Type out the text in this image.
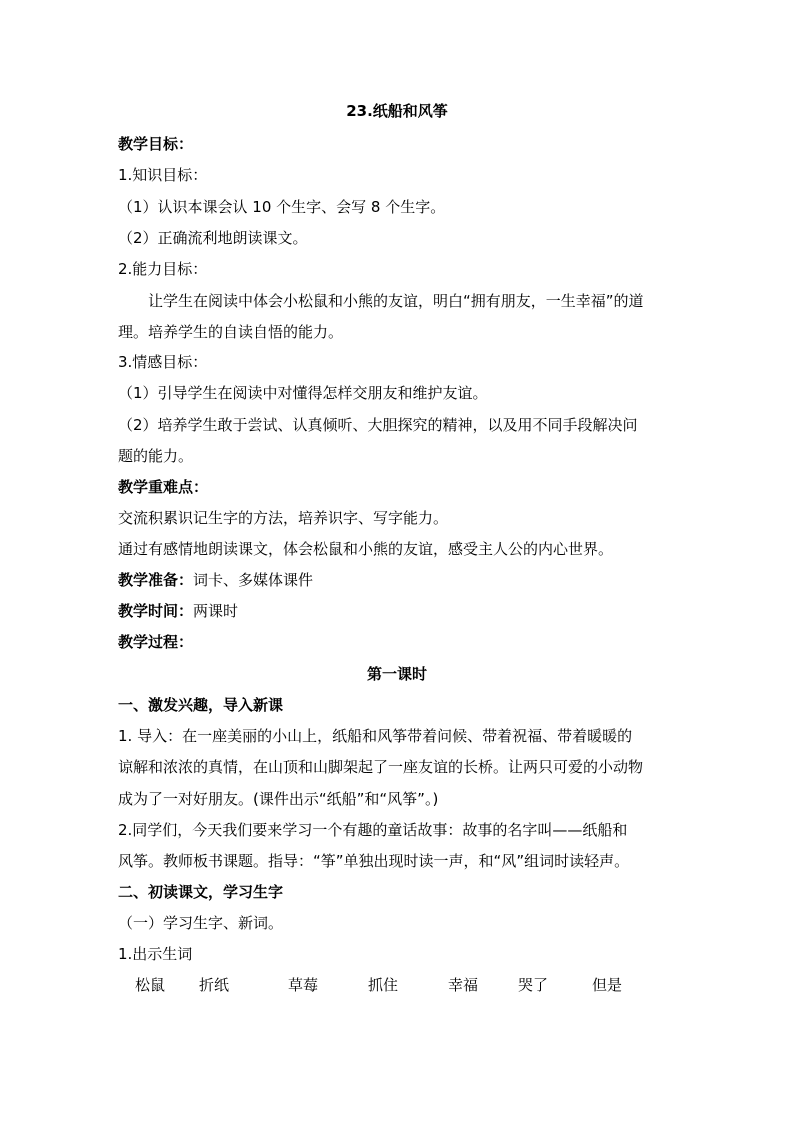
23.纸船和风筝
教学目标：
1.知识目标：
（1）认识本课会认 10 个生字、会写 8 个生字。
（2）正确流利地朗读课文。
2.能力目标：
让学生在阅读中体会小松鼠和小熊的友谊，明白“拥有朋友，一生幸福”的道
理。培养学生的自读自悟的能力。
3.情感目标：
（1）引导学生在阅读中对懂得怎样交朋友和维护友谊。
（2）培养学生敢于尝试、认真倾听、大胆探究的精神，以及用不同手段解决问
题的能力。
教学重难点：
交流积累识记生字的方法，培养识字、写字能力。
通过有感情地朗读课文，体会松鼠和小熊的友谊，感受主人公的内心世界。
教学准备：词卡、多媒体课件
教学时间：两课时
教学过程：
第一课时
一、激发兴趣，导入新课
1. 导入：在一座美丽的小山上，纸船和风筝带着问候、带着祝福、带着暖暖的
谅解和浓浓的真情，在山顶和山脚架起了一座友谊的长桥。让两只可爱的小动物
成为了一对好朋友。(课件出示“纸船”和“风筝”。)
2.同学们，今天我们要来学习一个有趣的童话故事：故事的名字叫——纸船和
风筝。教师板书课题。指导：“筝”单独出现时读一声，和“风”组词时读轻声。
二、初读课文，学习生字
（一）学习生字、新词。
1.出示生词
松鼠 折纸	草莓	抓住	幸福	哭了	但是
